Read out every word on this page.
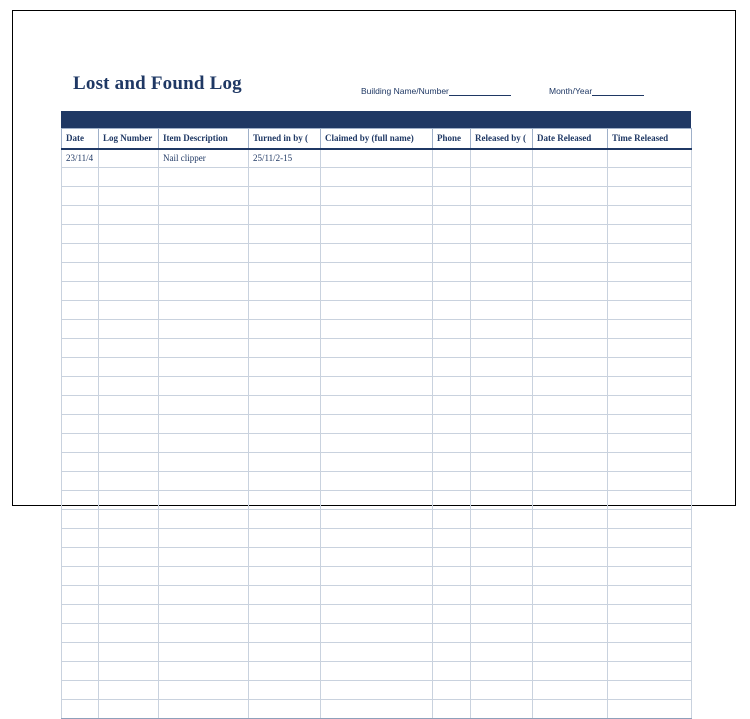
Lost and Found Log	Building Name/Number	Month/Year
Date	Log Number	Item Description	Turned in by (	Claimed by (full name)	Phone	Released by (	Date Released	Time Released
23/11/4		Nail clipper	25/11/2-15					
